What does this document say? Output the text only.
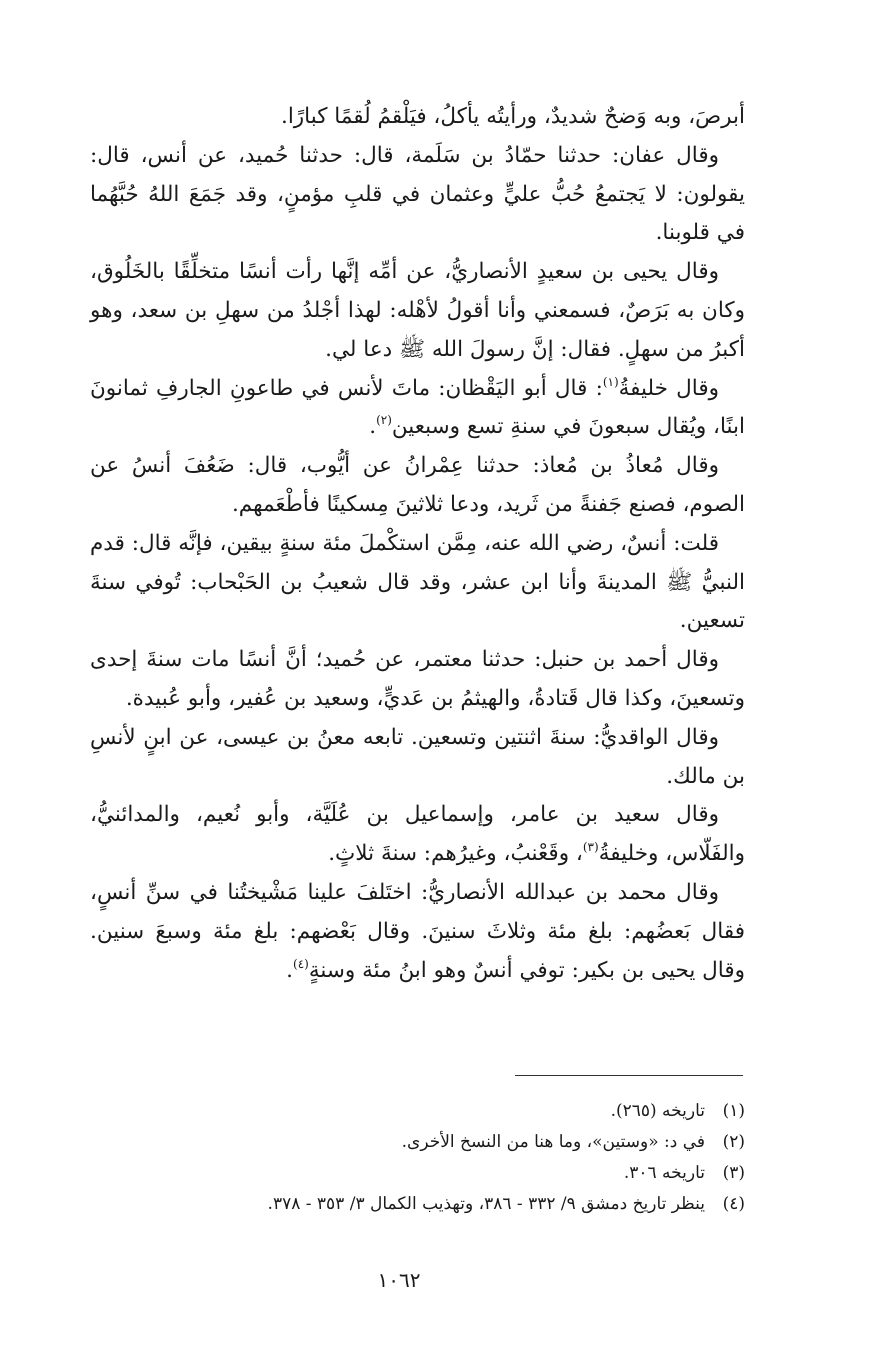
أبرصَ، وبه وَضحٌ شديدٌ، ورأيتُه يأكلُ، فيَلْقمُ لُقمًا كبارًا.

وقال عفان: حدثنا حمّادُ بن سَلَمة، قال: حدثنا حُميد، عن أنس، قال: يقولون: لا يَجتمعُ حُبُّ عليٍّ وعثمان في قلبِ مؤمنٍ، وقد جَمَعَ اللهُ حُبَّهُما في قلوبنا.

وقال يحيى بن سعيدٍ الأنصاريُّ، عن أمِّه إنَّها رأت أنسًا متخلِّقًا بالخَلُوق، وكان به بَرَصٌ، فسمعني وأنا أقولُ لأهْله: لهذا أجْلدُ من سهلِ بن سعد، وهو أكبرُ من سهلٍ. فقال: إنَّ رسولَ الله ﷺ دعا لي.

وقال خليفةُ$^{(١)}$: قال أبو اليَقْظان: ماتَ لأنس في طاعونِ الجارفِ ثمانونَ ابنًا، ويُقال سبعونَ في سنةِ تسع وسبعين$^{(٢)}$.

وقال مُعاذُ بن مُعاذ: حدثنا عِمْرانُ عن أيُّوب، قال: ضَعُفَ أنسُ عن الصوم، فصنع جَفنةً من ثَريد، ودعا ثلاثينَ مِسكينًا فأطْعَمهم.

قلت: أنسٌ، رضي الله عنه، مِمَّن استكْملَ مئة سنةٍ بيقين، فإنَّه قال: قدم النبيُّ ﷺ المدينةَ وأنا ابن عشر، وقد قال شعيبُ بن الحَبْحاب: تُوفي سنةَ تسعين.

وقال أحمد بن حنبل: حدثنا معتمر، عن حُميد؛ أنَّ أنسًا مات سنةَ إحدى وتسعينَ، وكذا قال قَتادةُ، والهيثمُ بن عَديٍّ، وسعيد بن عُفير، وأبو عُبيدة.

وقال الواقديُّ: سنةَ اثنتين وتسعين. تابعه معنُ بن عيسى، عن ابنٍ لأنسِ بن مالك.

وقال سعيد بن عامر، وإسماعيل بن عُلَيَّة، وأبو نُعيم، والمدائنيُّ، والفَلّاس، وخليفةُ$^{(٣)}$، وقَعْنبُ، وغيرُهم: سنةَ ثلاثٍ.

وقال محمد بن عبدالله الأنصاريُّ: اختَلفَ علينا مَشْيختُنا في سنِّ أنسٍ، فقال بَعضُهم: بلغ مئة وثلاثَ سنينَ. وقال بَعْضهم: بلغ مئة وسبعَ سنين. وقال يحيى بن بكير: توفي أنسٌ وهو ابنُ مئة وسنةٍ$^{(٤)}$.

(١)تاريخه (٢٦٥).
(٢)في د: «وستين»، وما هنا من النسخ الأخرى.
(٣)تاريخه ٣٠٦.
(٤)ينظر تاريخ دمشق ٩/ ٣٣٢ - ٣٨٦، وتهذيب الكمال ٣/ ٣٥٣ - ٣٧٨.
١٠٦٢
